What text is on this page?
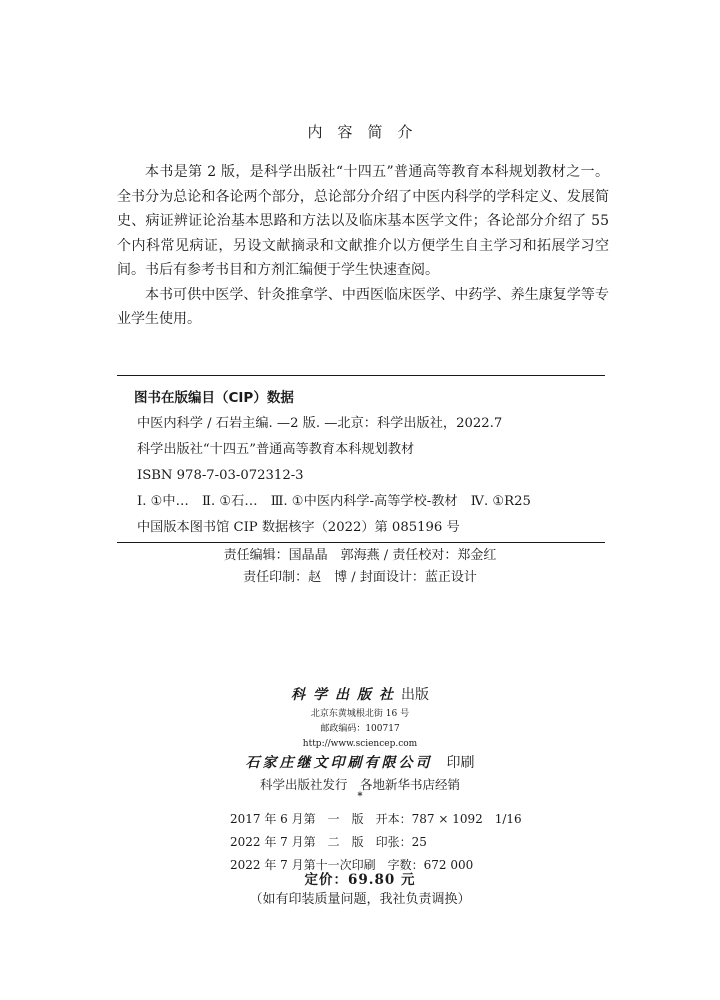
内容简介

本书是第 2 版，是科学出版社“十四五”普通高等教育本科规划教材之一。全书分为总论和各论两个部分，总论部分介绍了中医内科学的学科定义、发展简史、病证辨证论治基本思路和方法以及临床基本医学文件；各论部分介绍了 55 个内科常见病证，另设文献摘录和文献推介以方便学生自主学习和拓展学习空间。书后有参考书目和方剂汇编便于学生快速查阅。

本书可供中医学、针灸推拿学、中西医临床医学、中药学、养生康复学等专业学生使用。

图书在版编目（CIP）数据
中医内科学 / 石岩主编. —2 版. —北京：科学出版社，2022.7
科学出版社“十四五”普通高等教育本科规划教材
ISBN 978-7-03-072312-3
Ⅰ. ①中…　Ⅱ. ①石…　Ⅲ. ①中医内科学-高等学校-教材　Ⅳ. ①R25
中国版本图书馆 CIP 数据核字（2022）第 085196 号
责任编辑：国晶晶　郭海燕 / 责任校对：郑金红
责任印制：赵　博 / 封面设计：蓝正设计
科学出版社出版
北京东黄城根北街 16 号
邮政编码：100717
http://www.sciencep.com
石家庄继文印刷有限公司　 印刷
科学出版社发行　各地新华书店经销
*
2017 年 6 月第　一　版　开本：787 × 1092　1/16
2022 年 7 月第　二　版　印张：25
2022 年 7 月第十一次印刷　字数：672 000
定价：69.80 元
（如有印装质量问题，我社负责调换）
